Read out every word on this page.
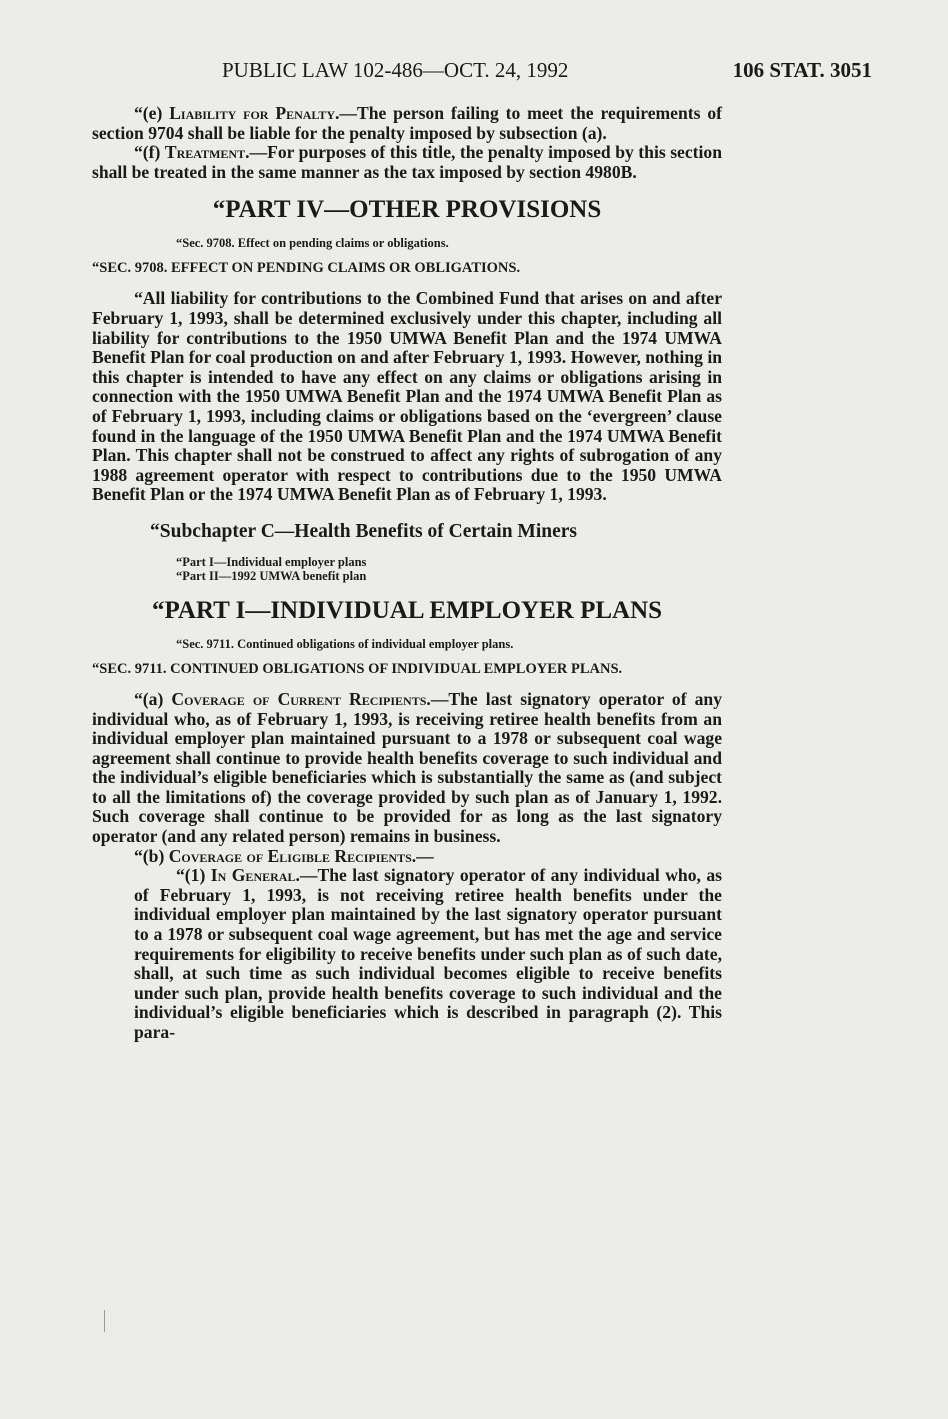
PUBLIC LAW 102-486—OCT. 24, 1992	106 STAT. 3051

“(e) Liability for Penalty.—The person failing to meet the requirements of section 9704 shall be liable for the penalty imposed by subsection (a).

“(f) Treatment.—For purposes of this title, the penalty imposed by this section shall be treated in the same manner as the tax imposed by section 4980B.

“PART IV—OTHER PROVISIONS

“Sec. 9708. Effect on pending claims or obligations.

“SEC. 9708. EFFECT ON PENDING CLAIMS OR OBLIGATIONS.

“All liability for contributions to the Combined Fund that arises on and after February 1, 1993, shall be determined exclusively under this chapter, including all liability for contributions to the 1950 UMWA Benefit Plan and the 1974 UMWA Benefit Plan for coal production on and after February 1, 1993. However, nothing in this chapter is intended to have any effect on any claims or obligations arising in connection with the 1950 UMWA Benefit Plan and the 1974 UMWA Benefit Plan as of February 1, 1993, including claims or obligations based on the ‘evergreen’ clause found in the language of the 1950 UMWA Benefit Plan and the 1974 UMWA Benefit Plan. This chapter shall not be construed to affect any rights of subrogation of any 1988 agreement operator with respect to contributions due to the 1950 UMWA Benefit Plan or the 1974 UMWA Benefit Plan as of February 1, 1993.

“Subchapter C—Health Benefits of Certain Miners

“Part I—Individual employer plans

“Part II—1992 UMWA benefit plan

“PART I—INDIVIDUAL EMPLOYER PLANS

“Sec. 9711. Continued obligations of individual employer plans.

“SEC. 9711. CONTINUED OBLIGATIONS OF INDIVIDUAL EMPLOYER PLANS.

“(a) Coverage of Current Recipients.—The last signatory operator of any individual who, as of February 1, 1993, is receiving retiree health benefits from an individual employer plan maintained pursuant to a 1978 or subsequent coal wage agreement shall continue to provide health benefits coverage to such individual and the individual’s eligible beneficiaries which is substantially the same as (and subject to all the limitations of) the coverage provided by such plan as of January 1, 1992. Such coverage shall continue to be provided for as long as the last signatory operator (and any related person) remains in business.

“(b) Coverage of Eligible Recipients.—

“(1) In General.—The last signatory operator of any individual who, as of February 1, 1993, is not receiving retiree health benefits under the individual employer plan maintained by the last signatory operator pursuant to a 1978 or subsequent coal wage agreement, but has met the age and service requirements for eligibility to receive benefits under such plan as of such date, shall, at such time as such individual becomes eligible to receive benefits under such plan, provide health benefits coverage to such individual and the individual’s eligible beneficiaries which is described in paragraph (2). This para-
